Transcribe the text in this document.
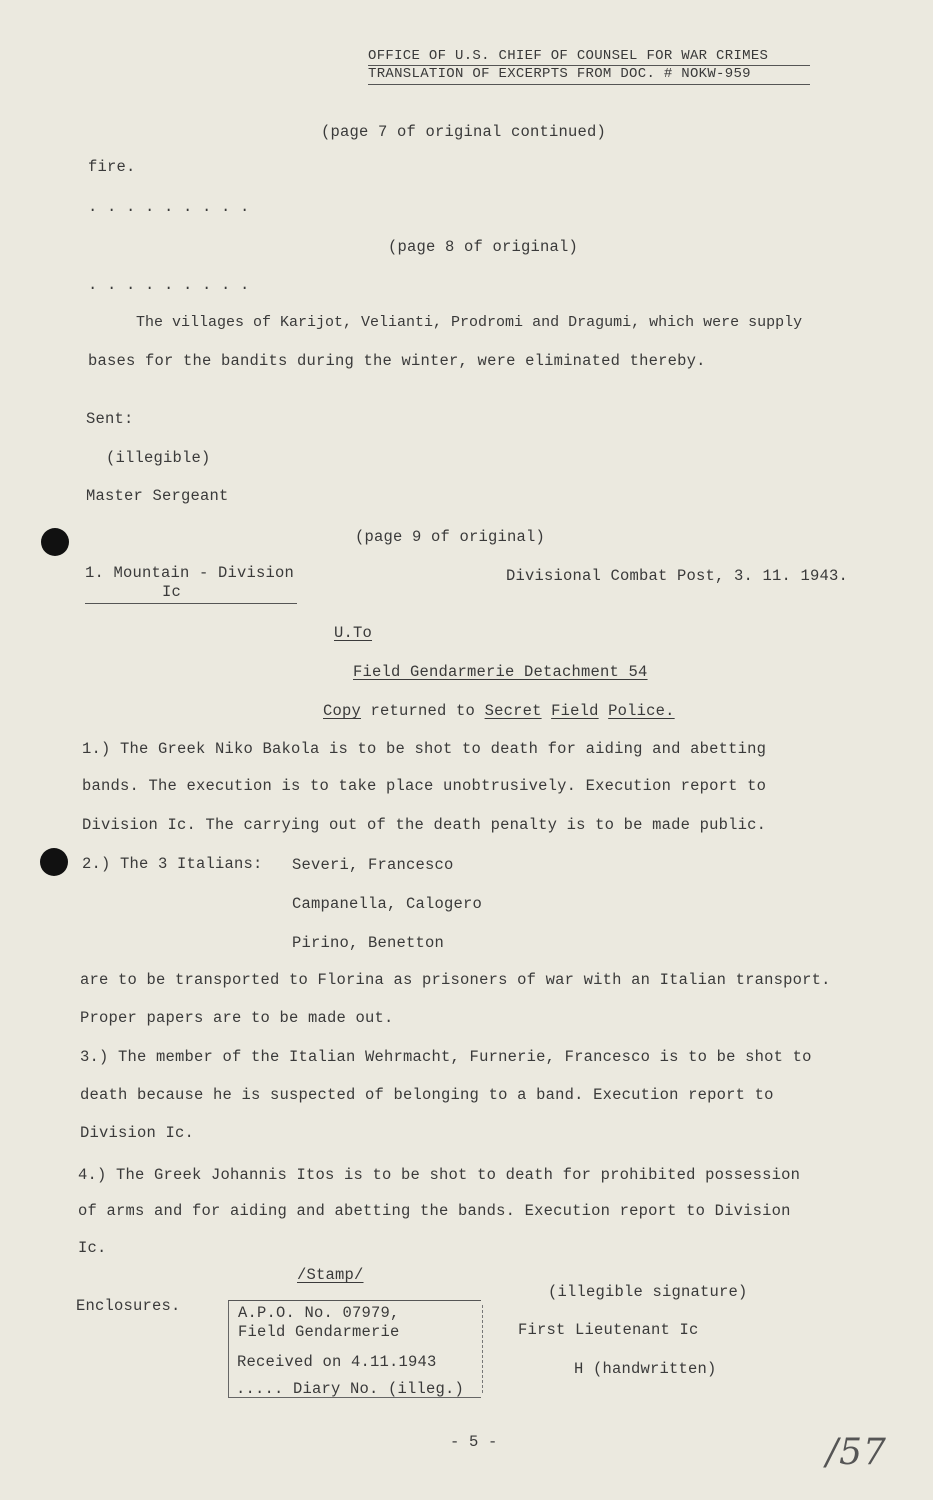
OFFICE OF U.S. CHIEF OF COUNSEL FOR WAR CRIMES
TRANSLATION OF EXCERPTS FROM DOC. # NOKW-959
(page 7 of original continued)
fire.
. . . . . . . . .
(page 8 of original)
. . . . . . . . .
The villages of Karijot, Velianti, Prodromi and Dragumi, which were supply
bases for the bandits during the winter, were eliminated thereby.
Sent:
(illegible)
Master Sergeant
(page 9 of original)
1. Mountain - Division
Ic
Divisional Combat Post, 3. 11. 1943.
U.To
Field Gendarmerie Detachment 54
Copy returned to Secret Field Police.
1.) The Greek Niko Bakola is to be shot to death for aiding and abetting
bands. The execution is to take place unobtrusively. Execution report to
Division Ic. The carrying out of the death penalty is to be made public.
2.) The 3 Italians: Severi, Francesco
Campanella, Calogero
Pirino, Benetton
are to be transported to Florina as prisoners of war with an Italian transport.
Proper papers are to be made out.
3.) The member of the Italian Wehrmacht, Furnerie, Francesco is to be shot to
death because he is suspected of belonging to a band. Execution report to
Division Ic.
4.) The Greek Johannis Itos is to be shot to death for prohibited possession
of arms and for aiding and abetting the bands. Execution report to Division
Ic.
/Stamp/
Enclosures.	A.P.O. No. 07979,
Field Gendarmerie
Received on 4.11.1943
..... Diary No. (illeg.)
(illegible signature)
First Lieutenant Ic
H (handwritten)
- 5 -	/57
